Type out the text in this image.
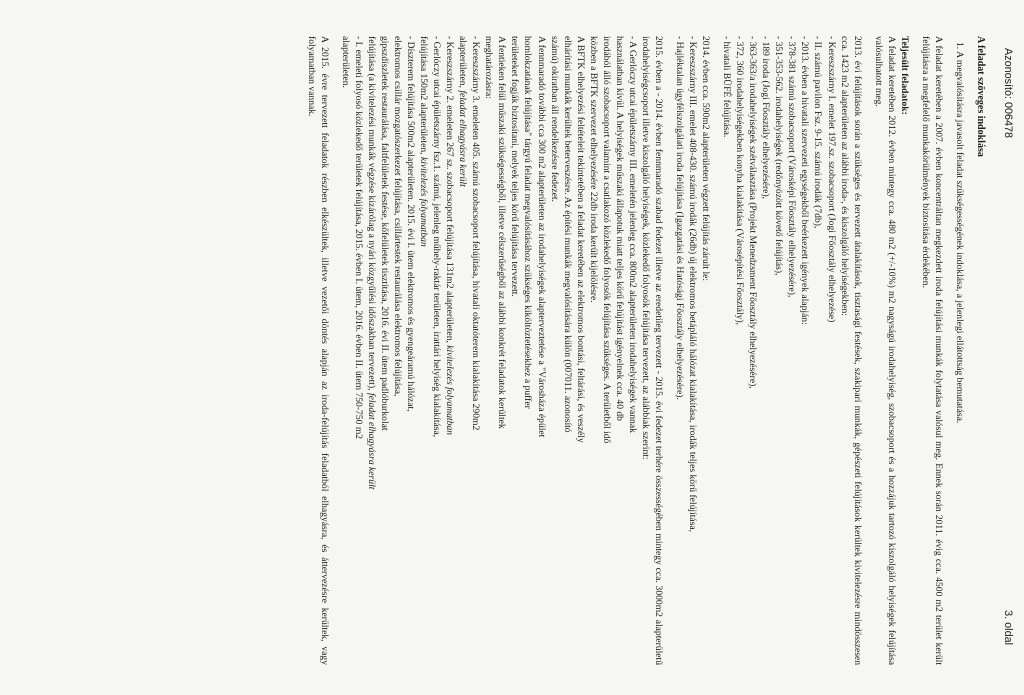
Azonosító: 006478
3. oldal
A feladat szöveges indoklása

1. A megvalósításra javasolt feladat szükségességének indoklása, a jelenlegi ellátottság bemutatása.

A feladat keretében a 2007. évben koncentráltan megkezdett iroda felújítási munkák folytatása valósul meg. Ennek során 2011. évig cca. 4500 m2 terület került felújításra a megfelelő munkakörülmények biztosítása érdekében.

Teljesült feladatok:

A feladat keretében 2012. évben mintegy cca. 480 m2 (+/-10%) m2 nagyságú irodahelyiség, szobacsoport és a hozzájuk tartozó kiszolgáló helyiségek felújítása valósulhatott meg.

2013. évi felújítások során a szükséges és tervezett átalakítások, tisztasági festések, szakipari munkák, gépészeti felújítások kerültek kivitelezésre mindösszesen cca. 1423 m2 alapterületen az alábbi iroda-, és kiszolgáló helyiségekben:
- Kereszszárny I. emelet 197.sz. szobacsoport (Jogi Főosztály elhelyezése)
- II. számú pavilon Fsz. 9-15. számú irodák (7db),
- 2013. évben a hivatali szervezeti egységekből beérkezett igények alapján:
- 378-381 számú szobacsoport (Városképi Főosztály elhelyezésére),
- 351-353-562. irodahelyiségek (redőnyözött követő felújítás),
- 189 iroda (Jogi Főosztály elhelyezésére),
- 363-363/a irodahelyiségek szétválasztása (Projekt Menedzsment Főosztály elhelyezésére),
- 372, 360 irodahelyiségekben konyha kialakítása (Városépítési Főosztály),
- hivatali BÜFÉ felújítása.
2014. évben cca. 590m2 alapterületen végzett felújítás zárult le:
- Kereszszárny III. emelet 408-430. számú irodák (26db) új elektromos betápláló hálózat kialakítása, irodák teljes körű felújítása,
- Hajléktalan ügyfélszolgálati iroda felújítása (Igazgatási és Hatósági Főosztály elhelyezésére).
2015. évben a - 2014. évben fennmaradó szabad fedezet illetve az eredetileg tervezett - 2015. évi fedezet terhére összességében mintegy cca. 3000m2 alapterületű irodahelyiségcsoport illetve kiszolgáló helyiségek, közlekedő folyosók felújítása tervezett, az alábbiak szerint:
- A Gerlóczy utcai épületszárny III. emeletén jelenleg cca. 800m2 alapterületen irodahelyiségek vannak
használatban kívül. A helyiségek műszaki állapotuk miatt teljes körű felújítást igényelnek cca. 40 db
irodából álló szobacsoport valamint a csatlakozó közlekedő folyosók felújítása szükséges. A területből idő
közben a BFTK szervezet elhelyezésére 22db iroda került kijelölésre.
A BFTK elhelyezési feltételeit tekintetében a feladat keretében az elektromos bontási, feltárási, és veszély
elhárítási munkák kerültek beterveszésre. Az építési munkák megvalósítására külön (007011. azonosító
számú) okiratban áll rendelkezésre fedezet.
A fennmaradó további cca 300 m2 alapterületen az irodahelyiségek alapterveztetése a "Városháza épület
homlokzatának felújítása" tárgyú feladat megvalósításához szükséges kiköltöztetésekhez a puffer
területeket fogják biztosítani, melyek teljes körű felújítása tervezett.
A fentieken felül műszaki szükségességből, illetve célszerűségből az alábbi konkrét feladatok kerültek
meghatározásra:
- Kereszszárny 3. emeleten 405. számú szobacsoport felújítása, hivatali oktatóterem kialakítása 290m2
alapterületen, feladat elhagyásra került
- Kereszszárny 2. emeleten 267 sz. szobacsoport felújítása 131m2 alapterületen, kivitelezés folyamatban
- Gerlóczy utcai épületszárny fsz.1. számú, jelenleg műhely-raktár területen, irattári helyiség kialakítása,
felújítása 150m2 alapterületen, kivitelezés folyamatban
- Díszterem felújítása 500m2 alapterületen. 2015. évi I. ütem elektromos és gyengeáramú hálózat,
elektromos csillár mozgatószerkezet felújítása, csillártestek restaurálása elektromos felújítása,
gipszdíszletek restaurálása, faltfelületek festése, kőfelületek tisztítása, 2016. évi II. ütem padlóburkolat
felújítása (a kivitelezési munkák végzése kizárólag a nyári közgyűlési időszakban tervezett), feladat elhagyásra került
- I. emeleti folyosó közlekedő területek felújítása, 2015. évben I. ütem, 2016. évben II. ütem 750-750 m2
alapterületen.

A 2015. évre tervezett feladatok részben elkészültek, illetve vezetői döntés alapján az iroda-felújítás feladatból elhagyásra, és áttervezésre kerültek, vagy folyamatban vannak.
